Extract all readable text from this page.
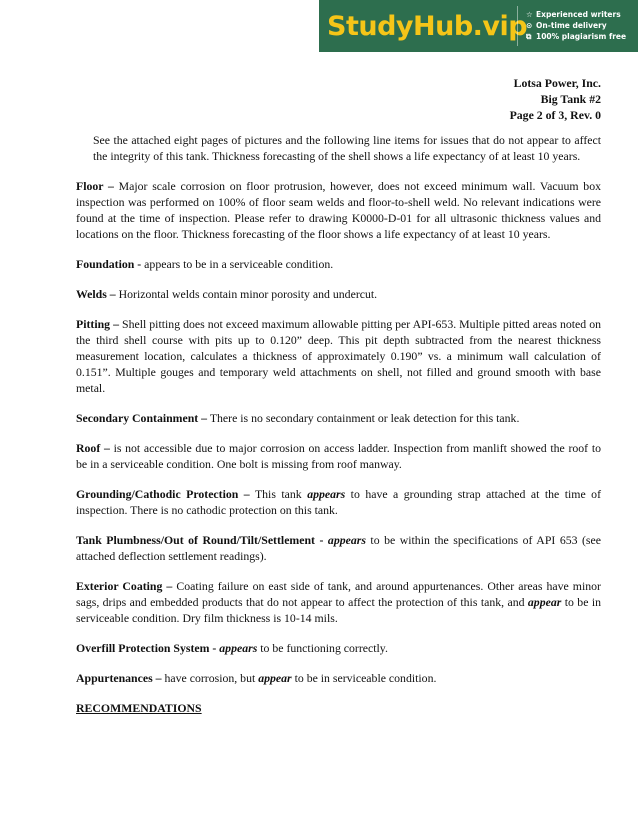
StudyHub.vip
☆ Experienced writers
⊙ On-time delivery
⧉ 100% plagiarism free
Lotsa Power, Inc.
Big Tank #2
Page 2 of 3, Rev. 0

See the attached eight pages of pictures and the following line items for issues that do not appear to affect the integrity of this tank. Thickness forecasting of the shell shows a life expectancy of at least 10 years.

Floor – Major scale corrosion on floor protrusion, however, does not exceed minimum wall. Vacuum box inspection was performed on 100% of floor seam welds and floor-to-shell weld. No relevant indications were found at the time of inspection. Please refer to drawing K0000-D-01 for all ultrasonic thickness values and locations on the floor. Thickness forecasting of the floor shows a life expectancy of at least 10 years.

Foundation - appears to be in a serviceable condition.

Welds – Horizontal welds contain minor porosity and undercut.

Pitting – Shell pitting does not exceed maximum allowable pitting per API-653. Multiple pitted areas noted on the third shell course with pits up to 0.120” deep. This pit depth subtracted from the nearest thickness measurement location, calculates a thickness of approximately 0.190” vs. a minimum wall calculation of 0.151”. Multiple gouges and temporary weld attachments on shell, not filled and ground smooth with base metal.

Secondary Containment – There is no secondary containment or leak detection for this tank.

Roof – is not accessible due to major corrosion on access ladder. Inspection from manlift showed the roof to be in a serviceable condition. One bolt is missing from roof manway.

Grounding/Cathodic Protection – This tank appears to have a grounding strap attached at the time of inspection. There is no cathodic protection on this tank.

Tank Plumbness/Out of Round/Tilt/Settlement - appears to be within the specifications of API 653 (see attached deflection settlement readings).

Exterior Coating – Coating failure on east side of tank, and around appurtenances. Other areas have minor sags, drips and embedded products that do not appear to affect the protection of this tank, and appear to be in serviceable condition. Dry film thickness is 10-14 mils.

Overfill Protection System - appears to be functioning correctly.

Appurtenances – have corrosion, but appear to be in serviceable condition.

RECOMMENDATIONS
